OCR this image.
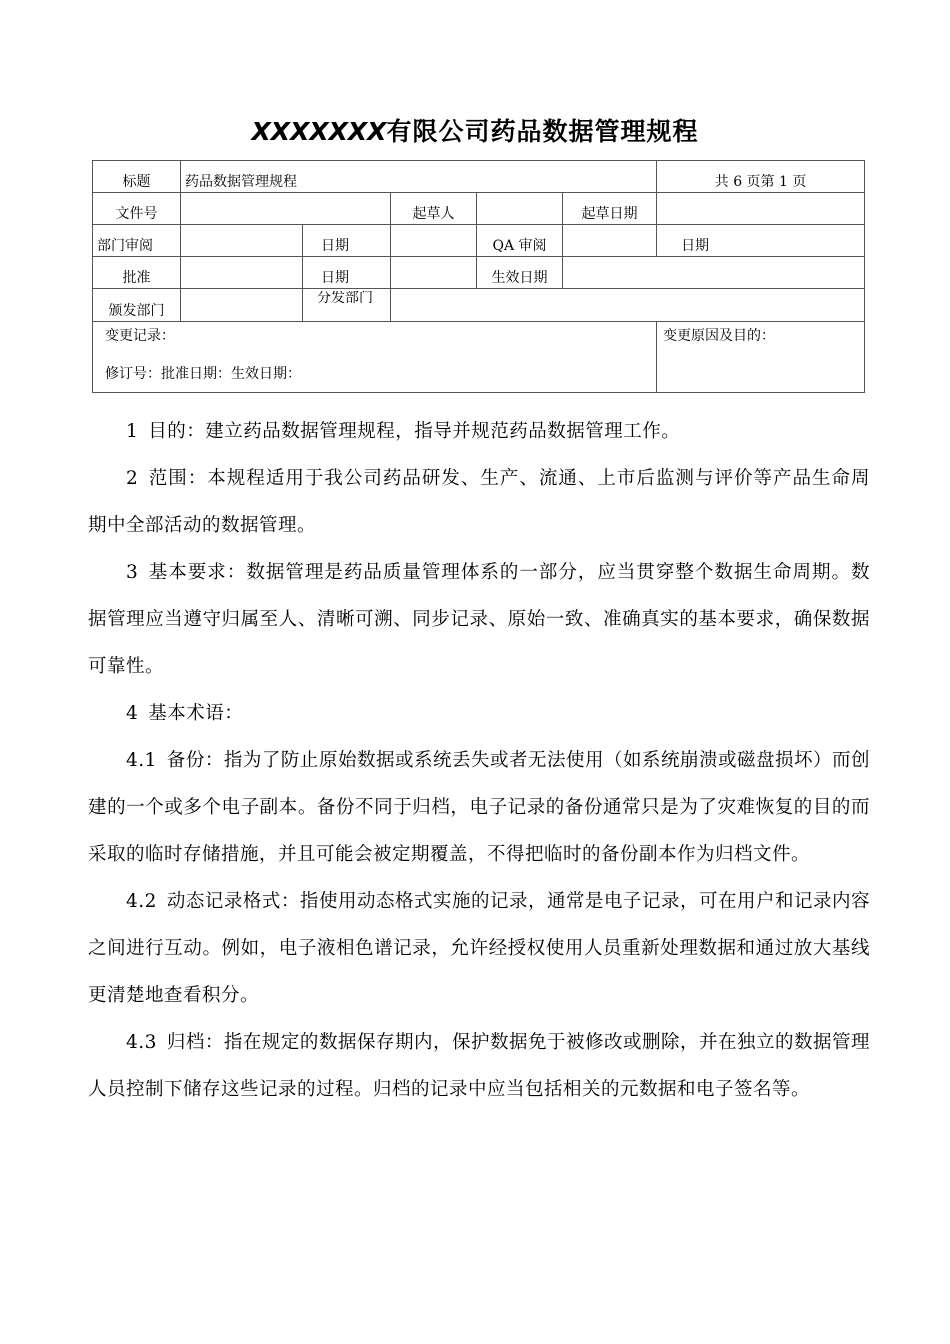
XXXXXXX有限公司药品数据管理规程
标题	药品数据管理规程					共 6 页第 1 页
文件号			起草人		起草日期	
部门审阅		日期		QA 审阅		日期
批准		日期		生效日期		
颁发部门		分发部门				

变更记录：
修订号：批准日期：生效日期：						变更原因及目的：

1 目的：建立药品数据管理规程，指导并规范药品数据管理工作。

2 范围：本规程适用于我公司药品研发、生产、流通、上市后监测与评价等产品生命周期中全部活动的数据管理。

3 基本要求：数据管理是药品质量管理体系的一部分，应当贯穿整个数据生命周期。数据管理应当遵守归属至人、清晰可溯、同步记录、原始一致、准确真实的基本要求，确保数据可靠性。

4 基本术语：

4.1 备份：指为了防止原始数据或系统丢失或者无法使用（如系统崩溃或磁盘损坏）而创建的一个或多个电子副本。备份不同于归档，电子记录的备份通常只是为了灾难恢复的目的而采取的临时存储措施，并且可能会被定期覆盖，不得把临时的备份副本作为归档文件。

4.2 动态记录格式：指使用动态格式实施的记录，通常是电子记录，可在用户和记录内容之间进行互动。例如，电子液相色谱记录，允许经授权使用人员重新处理数据和通过放大基线更清楚地查看积分。

4.3 归档：指在规定的数据保存期内，保护数据免于被修改或删除，并在独立的数据管理人员控制下储存这些记录的过程。归档的记录中应当包括相关的元数据和电子签名等。
